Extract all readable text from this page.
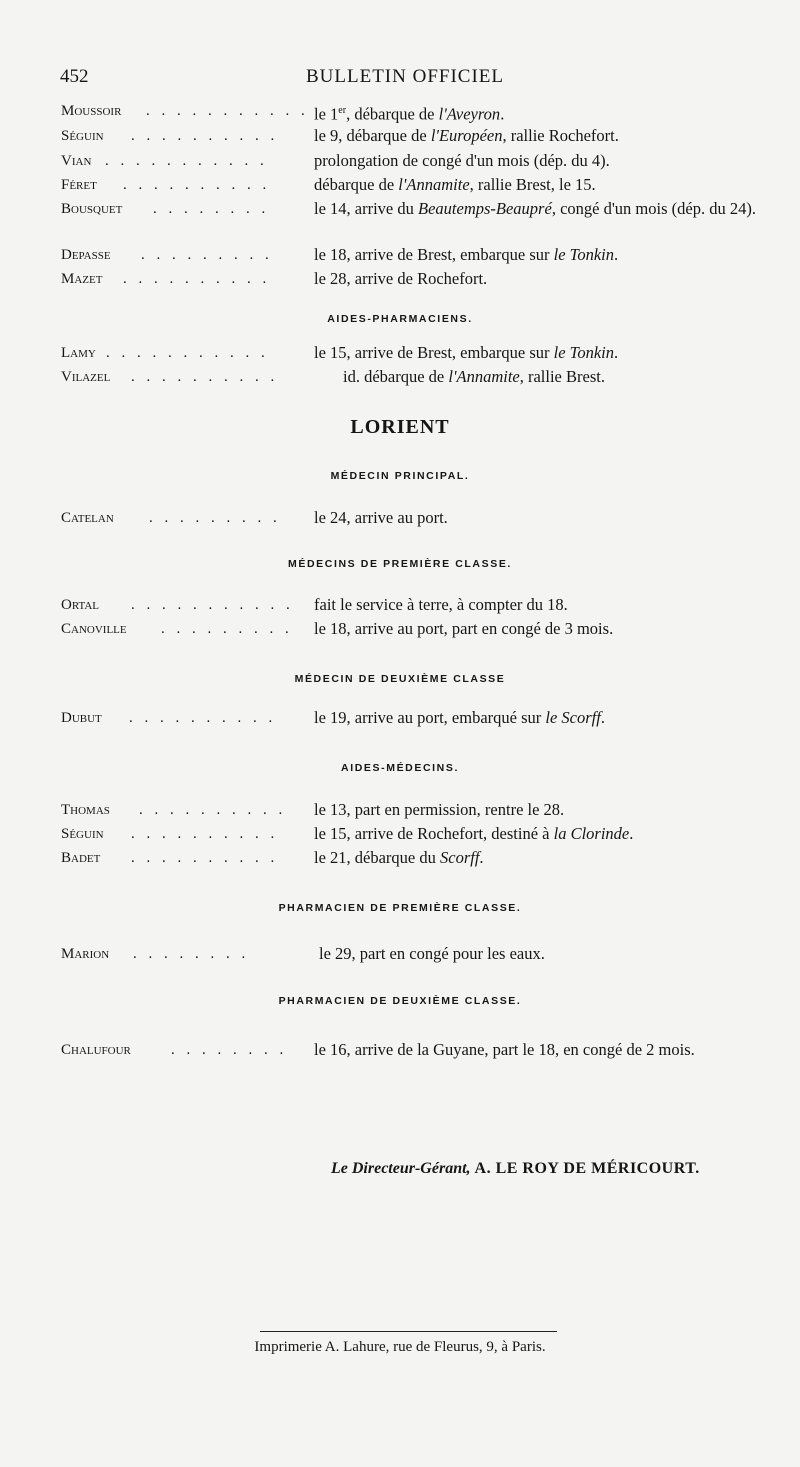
452	BULLETIN OFFICIEL
Moussoir . . . . . . . . . . . le 1er, débarque de l'Aveyron.
Séguin . . . . . . . . . . le 9, débarque de l'Européen, rallie Rochefort.
Vian . . . . . . . . . . .	prolongation de congé d'un mois (dép. du 4).
Féret . . . . . . . . . .	débarque de l'Annamite, rallie Brest, le 15.
Bousquet . . . . . . . .	le 14, arrive du Beautemps-Beaupré, congé d'un mois (dép. du 24).
Depasse . . . . . . . . .	le 18, arrive de Brest, embarque sur le Tonkin.
Mazet . . . . . . . . . .	le 28, arrive de Rochefort.
AIDES-PHARMACIENS.
Lamy . . . . . . . . . . .	le 15, arrive de Brest, embarque sur le Tonkin.
Vilazel . . . . . . . . . .	id. débarque de l'Annamite, rallie Brest.
LORIENT
MÉDECIN PRINCIPAL.
Catelan . . . . . . . . . le 24, arrive au port.
MÉDECINS DE PREMIÈRE CLASSE.
Ortal . . . . . . . . . . . fait le service à terre, à compter du 18.
Canoville . . . . . . . . . le 18, arrive au port, part en congé de 3 mois.
MÉDECIN DE DEUXIÈME CLASSE
Dubut . . . . . . . . . . le 19, arrive au port, embarqué sur le Scorff.
AIDES-MÉDECINS.
Thomas . . . . . . . . . . le 13, part en permission, rentre le 28.
Séguin . . . . . . . . . . le 15, arrive de Rochefort, destiné à la Clorinde.
Badet . . . . . . . . . . le 21, débarque du Scorff.
PHARMACIEN DE PREMIÈRE CLASSE.
Marion . . . . . . . .	le 29, part en congé pour les eaux.
PHARMACIEN DE DEUXIÈME CLASSE.
Chalufour	. . . . . . . . le 16, arrive de la Guyane, part le 18, en congé de 2 mois.
Le Directeur-Gérant, A. LE ROY DE MÉRICOURT.
Imprimerie A. Lahure, rue de Fleurus, 9, à Paris.
